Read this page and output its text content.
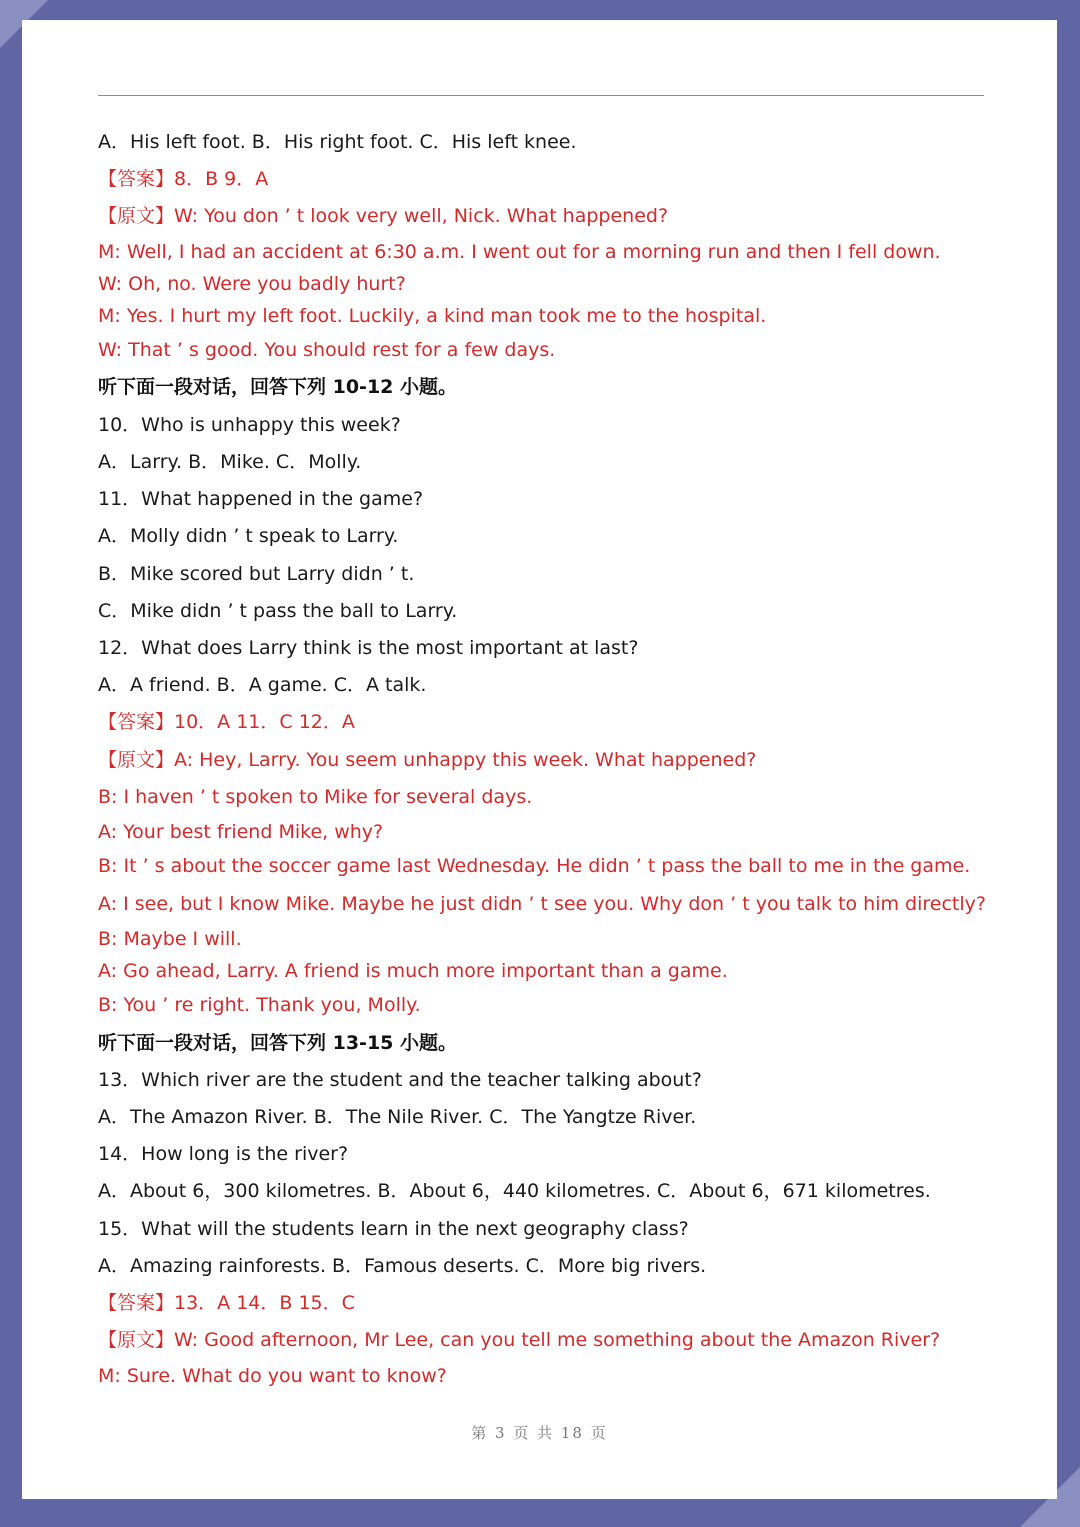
A．His left foot. B．His right foot. C．His left knee.
【答案】8．B 9．A
【原文】W: You don ’ t look very well, Nick. What happened?
M: Well, I had an accident at 6:30 a.m. I went out for a morning run and then I fell down.
W: Oh, no. Were you badly hurt?
M: Yes. I hurt my left foot. Luckily, a kind man took me to the hospital.
W: That ’ s good. You should rest for a few days.
听下面一段对话，回答下列 10-12 小题。
10．Who is unhappy this week?
A．Larry. B．Mike. C．Molly.
11．What happened in the game?
A．Molly didn ’ t speak to Larry.
B．Mike scored but Larry didn ’ t.
C．Mike didn ’ t pass the ball to Larry.
12．What does Larry think is the most important at last?
A．A friend. B．A game. C．A talk.
【答案】10．A 11．C 12．A
【原文】A: Hey, Larry. You seem unhappy this week. What happened?
B: I haven ’ t spoken to Mike for several days.
A: Your best friend Mike, why?
B: It ’ s about the soccer game last Wednesday. He didn ’ t pass the ball to me in the game.
A: I see, but I know Mike. Maybe he just didn ’ t see you. Why don ’ t you talk to him directly?
B: Maybe I will.
A: Go ahead, Larry. A friend is much more important than a game.
B: You ’ re right. Thank you, Molly.
听下面一段对话，回答下列 13-15 小题。
13．Which river are the student and the teacher talking about?
A．The Amazon River. B．The Nile River. C．The Yangtze River.
14．How long is the river?
A．About 6，300 kilometres. B．About 6，440 kilometres. C．About 6，671 kilometres.
15．What will the students learn in the next geography class?
A．Amazing rainforests. B．Famous deserts. C．More big rivers.
【答案】13．A 14．B 15．C
【原文】W: Good afternoon, Mr Lee, can you tell me something about the Amazon River?
M: Sure. What do you want to know?
第 3 页 共 18 页
